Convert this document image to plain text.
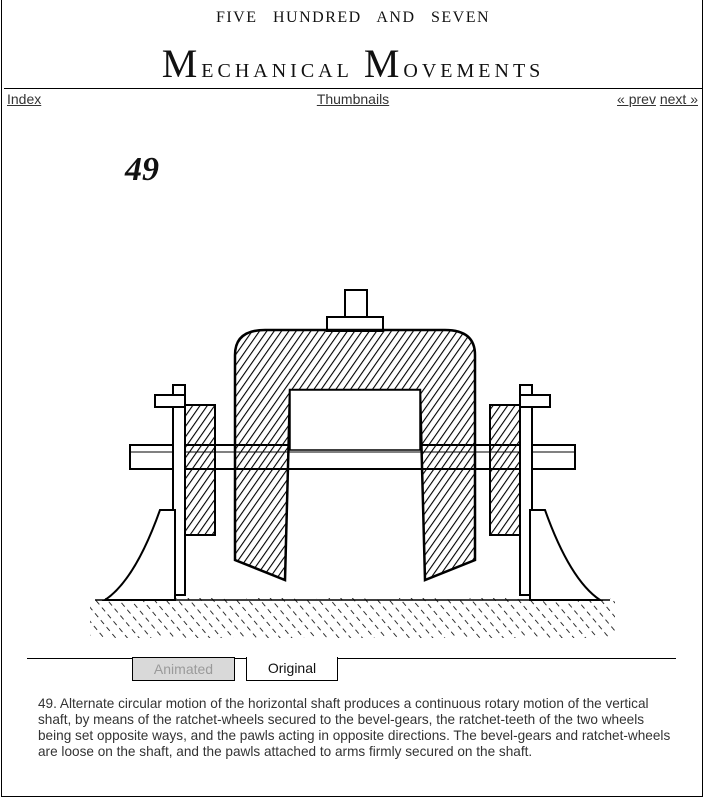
FIVE HUNDRED AND SEVEN
Mechanical Movements
Index	Thumbnails	« prev next »
49
Animated	Original
49. Alternate circular motion of the horizontal shaft produces a continuous rotary motion of the vertical shaft, by means of the ratchet-wheels secured to the bevel-gears, the ratchet-teeth of the two wheels being set opposite ways, and the pawls acting in opposite directions. The bevel-gears and ratchet-wheels are loose on the shaft, and the pawls attached to arms firmly secured on the shaft.
